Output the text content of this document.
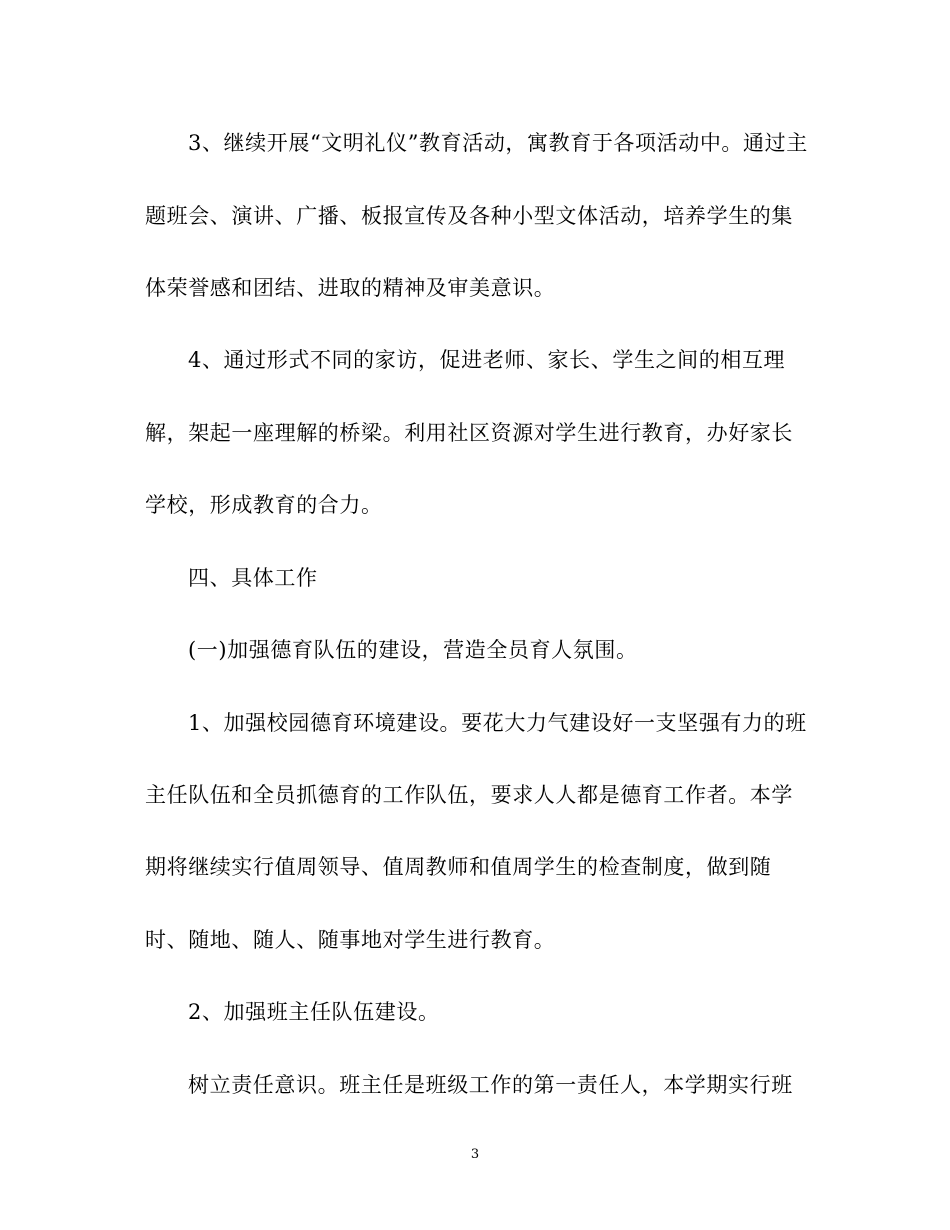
3、继续开展“文明礼仪”教育活动，寓教育于各项活动中。通过主
题班会、演讲、广播、板报宣传及各种小型文体活动，培养学生的集
体荣誉感和团结、进取的精神及审美意识。
4、通过形式不同的家访，促进老师、家长、学生之间的相互理
解，架起一座理解的桥梁。利用社区资源对学生进行教育，办好家长
学校，形成教育的合力。
四、具体工作
(一)加强德育队伍的建设，营造全员育人氛围。
1、加强校园德育环境建设。要花大力气建设好一支坚强有力的班
主任队伍和全员抓德育的工作队伍，要求人人都是德育工作者。本学
期将继续实行值周领导、值周教师和值周学生的检查制度，做到随
时、随地、随人、随事地对学生进行教育。
2、加强班主任队伍建设。
树立责任意识。班主任是班级工作的第一责任人，本学期实行班
3
